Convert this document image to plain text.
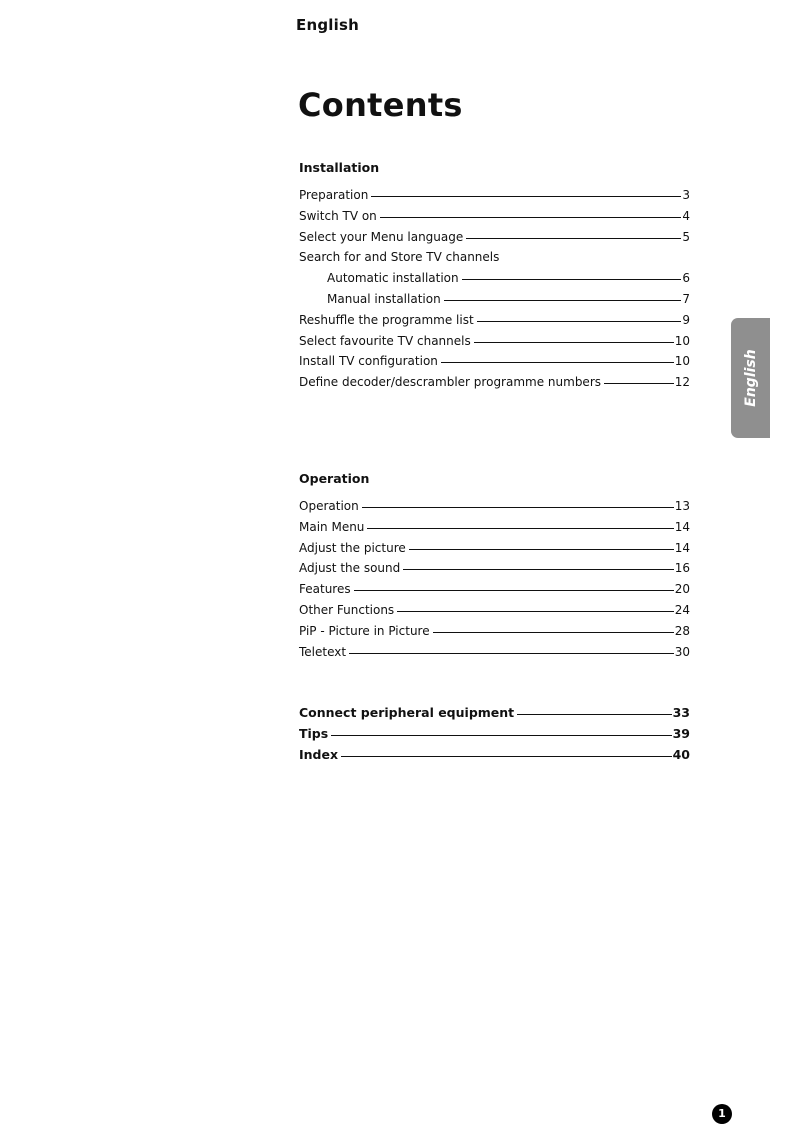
English
Contents
Installation
Preparation	3
Switch TV on	4
Select your Menu language	5
Search for and Store TV channels
Automatic installation	6
Manual installation	7
Reshuffle the programme list	9
Select favourite TV channels	10
Install TV configuration	10
Define decoder/descrambler programme numbers	12
Operation
Operation	13
Main Menu	14
Adjust the picture	14
Adjust the sound	16
Features	20
Other Functions	24
PiP - Picture in Picture	28
Teletext	30
Connect peripheral equipment	33
Tips	39
Index	40
English
1
